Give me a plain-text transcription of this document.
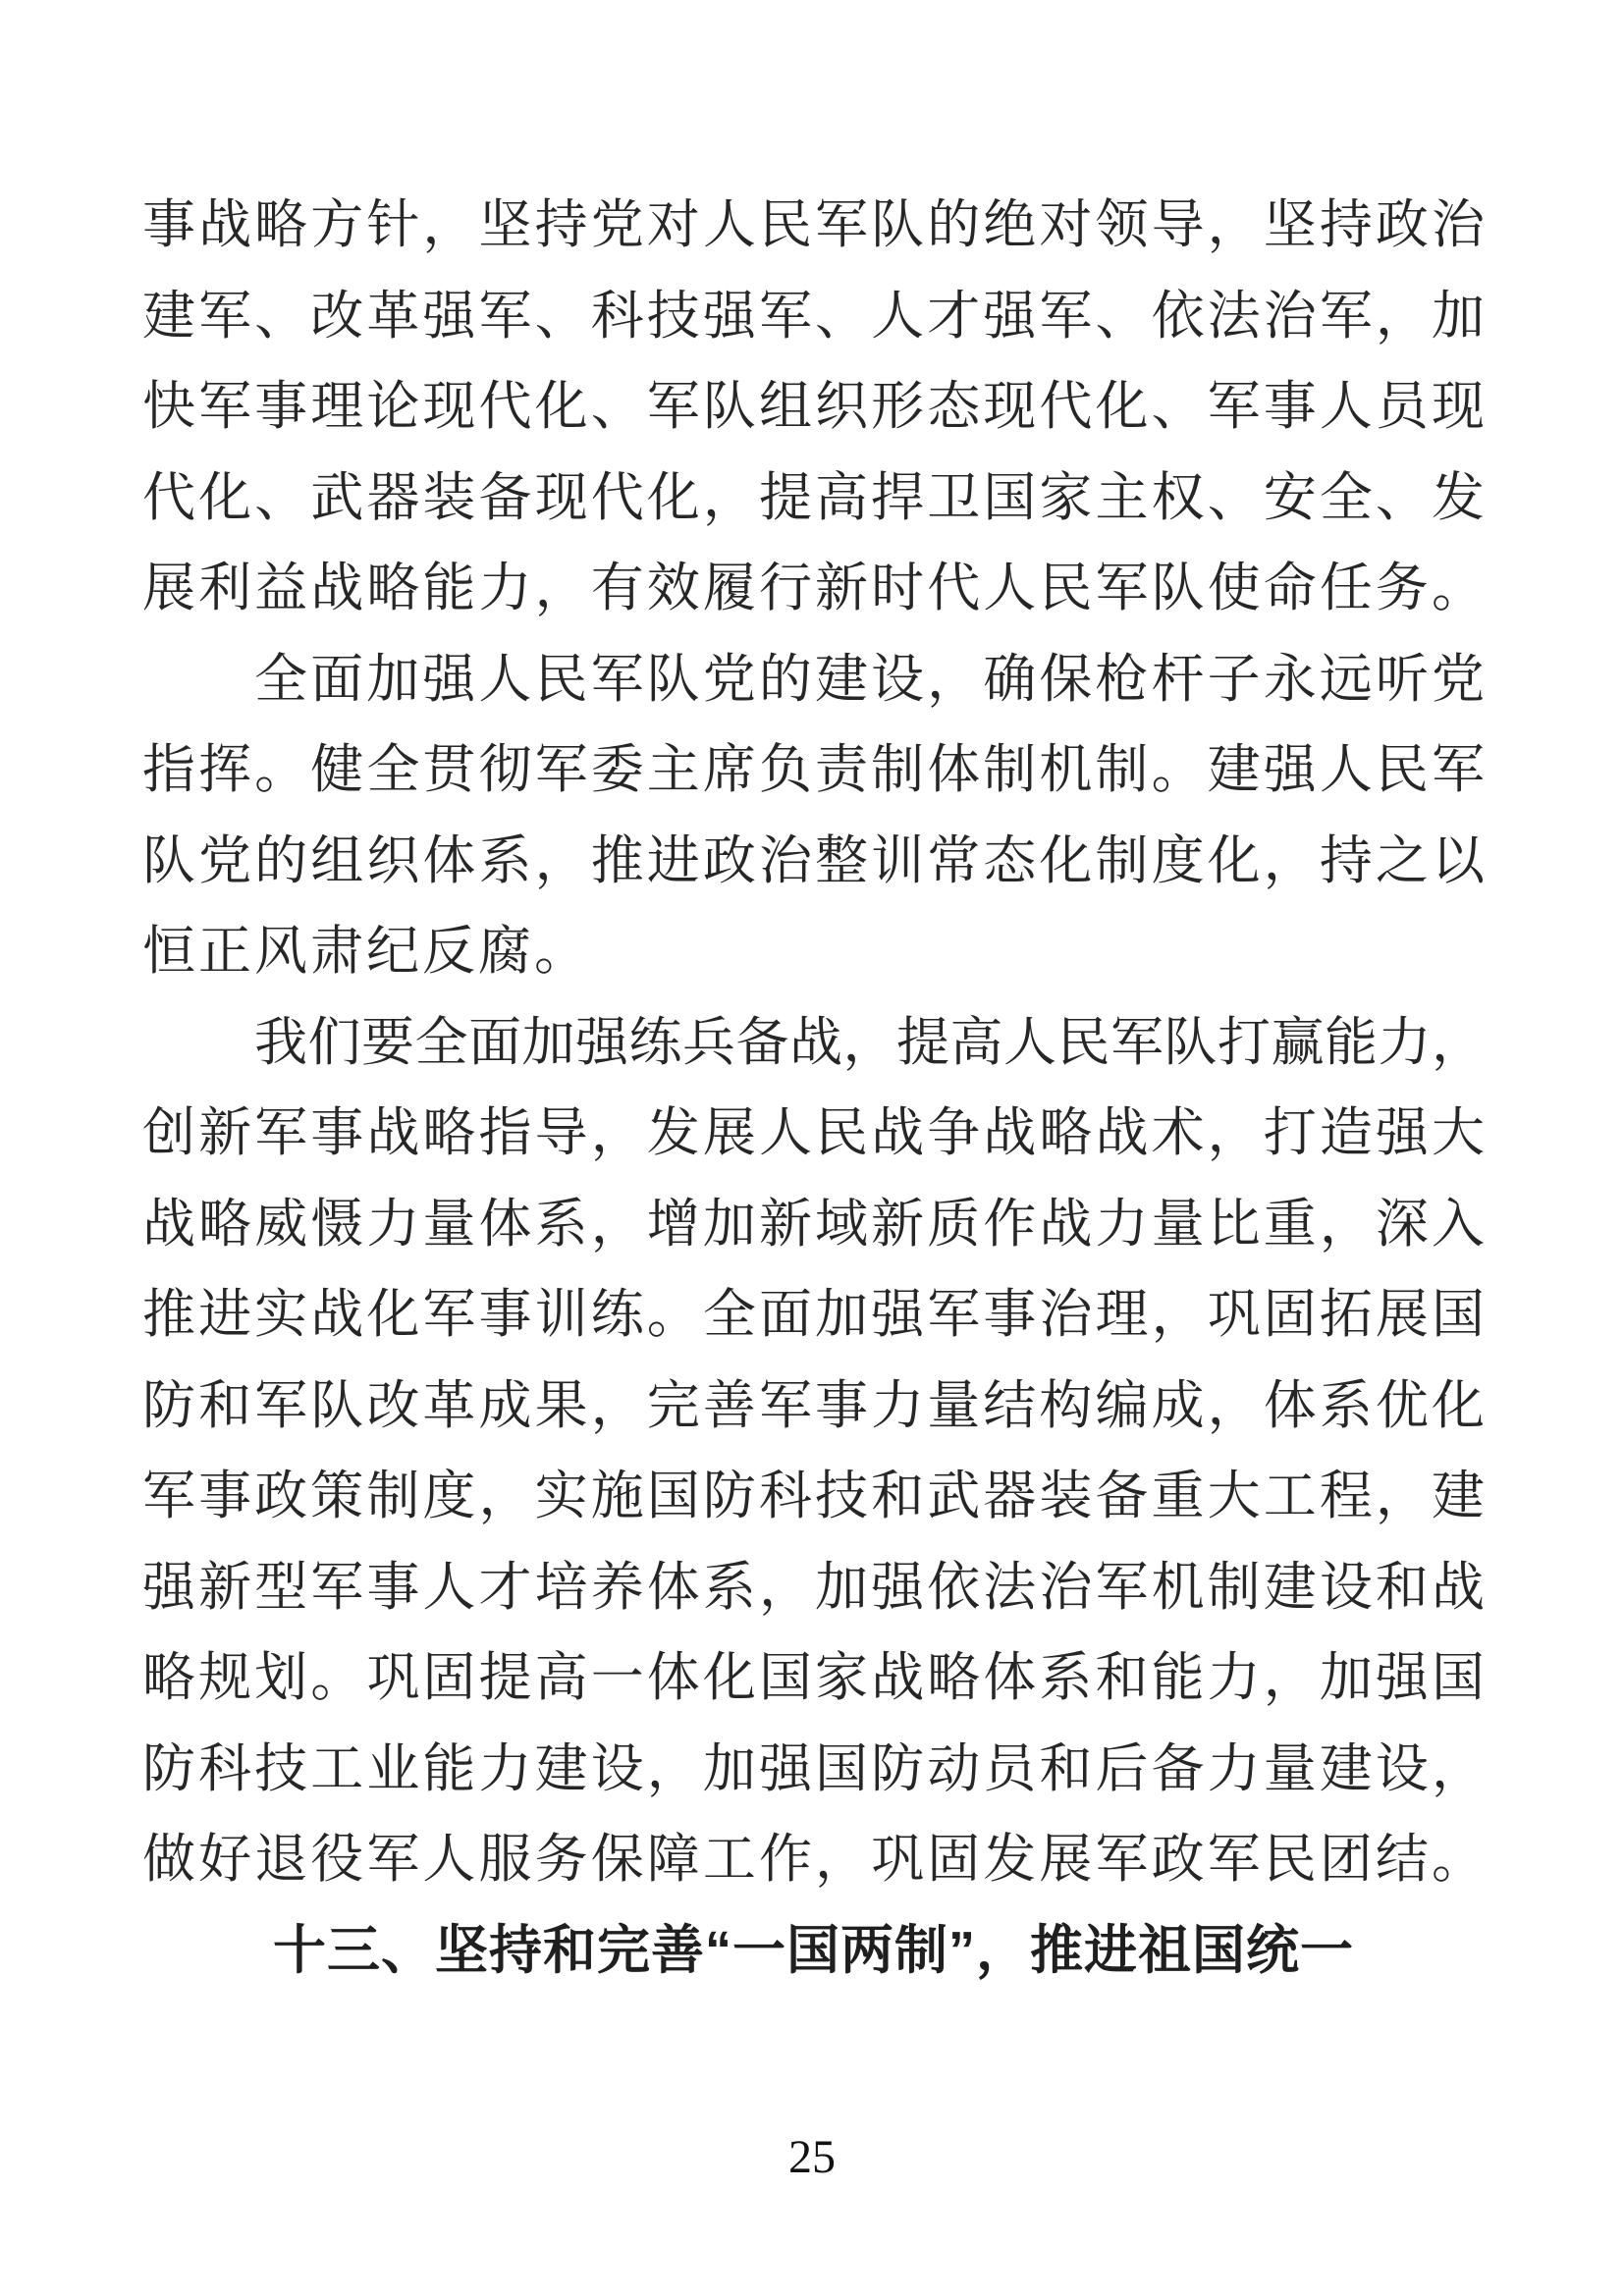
事战略方针，坚持党对人民军队的绝对领导，坚持政治

建军、改革强军、科技强军、人才强军、依法治军，加

快军事理论现代化、军队组织形态现代化、军事人员现

代化、武器装备现代化，提高捍卫国家主权、安全、发

展利益战略能力，有效履行新时代人民军队使命任务。

全面加强人民军队党的建设，确保枪杆子永远听党

指挥。健全贯彻军委主席负责制体制机制。建强人民军

队党的组织体系，推进政治整训常态化制度化，持之以

恒正风肃纪反腐。

我们要全面加强练兵备战，提高人民军队打赢能力，

创新军事战略指导，发展人民战争战略战术，打造强大

战略威慑力量体系，增加新域新质作战力量比重，深入

推进实战化军事训练。全面加强军事治理，巩固拓展国

防和军队改革成果，完善军事力量结构编成，体系优化

军事政策制度，实施国防科技和武器装备重大工程，建

强新型军事人才培养体系，加强依法治军机制建设和战

略规划。巩固提高一体化国家战略体系和能力，加强国

防科技工业能力建设，加强国防动员和后备力量建设，

做好退役军人服务保障工作，巩固发展军政军民团结。

十三、坚持和完善“一国两制”，推进祖国统一
25
